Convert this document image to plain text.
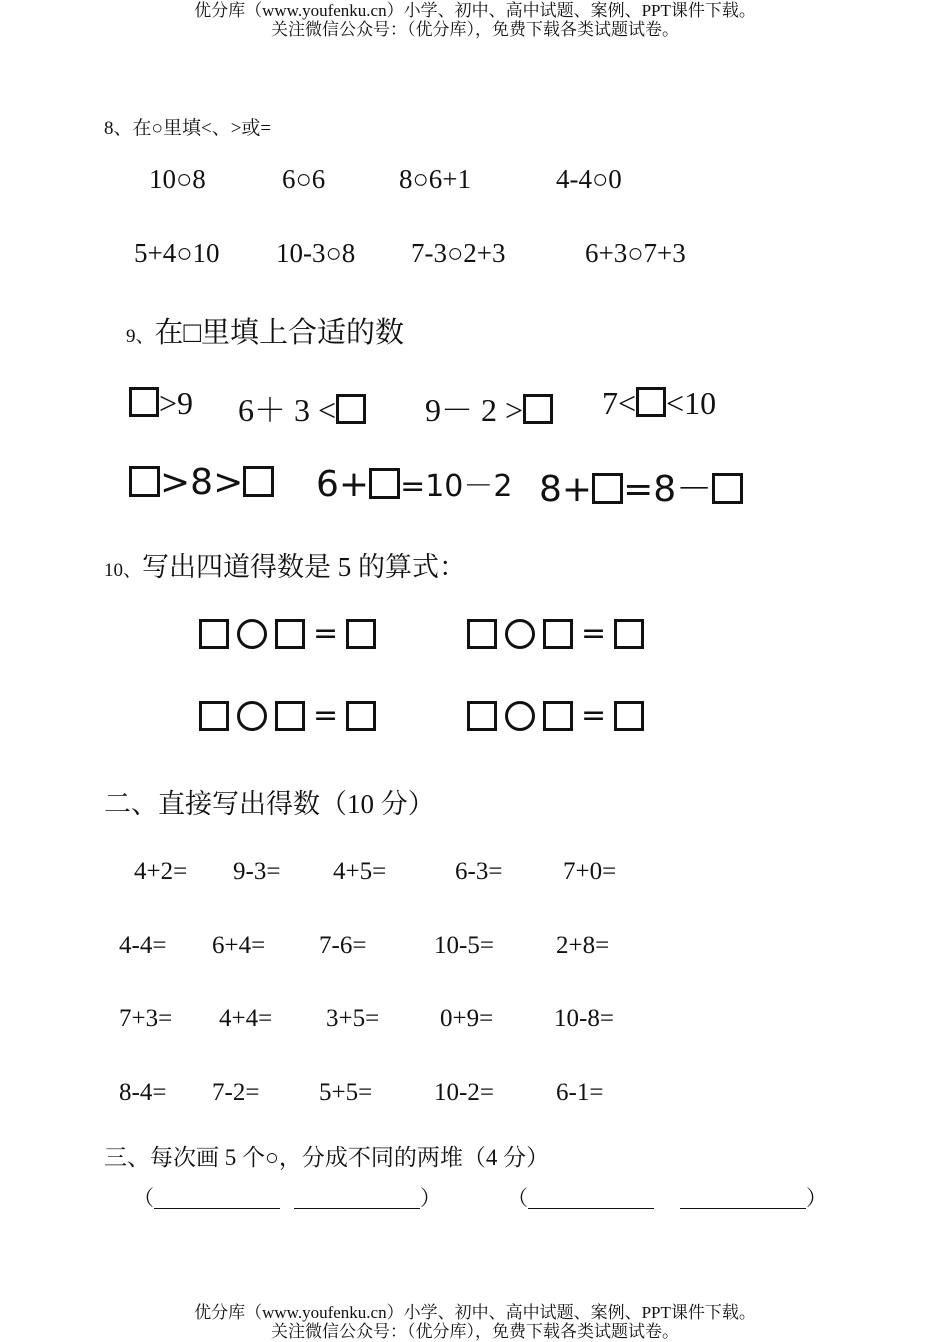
优分库（www.youfenku.cn）小学、初中、高中试题、案例、PPT课件下载。
关注微信公众号：（优分库），免费下载各类试题试卷。
8、在○里填<、>或=
10○8	6○6	8○6+1	4-4○0
5+4○10 10-3○8 7-3○2+3	6+3○7+3
9、在□里填上合适的数
>9 6＋ 3 <	9－ 2 >	7< <10
>8>	6+ =10－2 8+ =8－
10、写出四道得数是 5 的算式：
=	=
=	=
二、直接写出得数（10 分）
4+2= 9-3= 4+5=	6-3= 7+0=
4-4= 6+4= 7-6=	10-5= 2+8=
7+3= 4+4= 3+5= 0+9= 10-8=
8-4= 7-2= 5+5= 10-2= 6-1=
三、每次画 5 个○，分成不同的两堆（4 分）
（	）	（	）
优分库（www.youfenku.cn）小学、初中、高中试题、案例、PPT课件下载。
关注微信公众号：（优分库），免费下载各类试题试卷。
